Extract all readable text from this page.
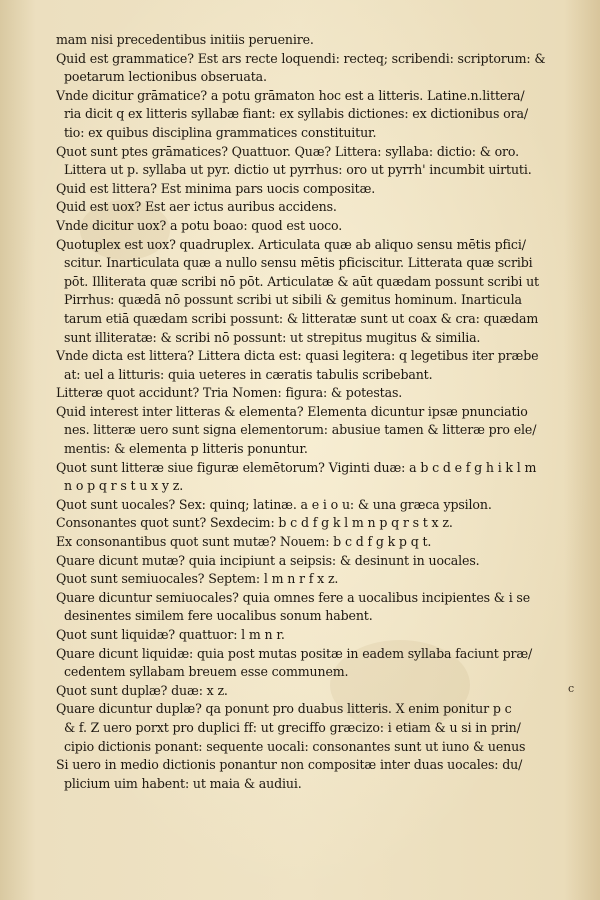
mam nisi precedentibus initiis peruenire.
Quid est grammatice? Est ars recte loquendi: recteq; scribendi: scriptorum: &
poetarum lectionibus obseruata.
Vnde dicitur grāmatice? a potu grāmaton hoc est a litteris. Latine.n.littera/
ria dicit q ex litteris syllabæ fiant: ex syllabis dictiones: ex dictionibus ora/
tio: ex quibus disciplina grammatices constituitur.
Quot sunt ptes grāmatices? Quattuor. Quæ? Littera: syllaba: dictio: & oro.
Littera ut p. syllaba ut pyr. dictio ut pyrrhus: oro ut pyrrh' incumbit uirtuti.
Quid est littera? Est minima pars uocis compositæ.
Quid est uox? Est aer ictus auribus accidens.
Vnde dicitur uox? a potu boao: quod est uoco.
Quotuplex est uox? quadruplex. Articulata quæ ab aliquo sensu mētis pfici/
scitur. Inarticulata quæ a nullo sensu mētis pficiscitur. Litterata quæ scribi
pōt. Illiterata quæ scribi nō pōt. Articulatæ & aūt quædam possunt scribi ut
Pirrhus: quædā nō possunt scribi ut sibili & gemitus hominum. Inarticula
tarum etiā quædam scribi possunt: & litteratæ sunt ut coax & cra: quædam
sunt illiteratæ: & scribi nō possunt: ut strepitus mugitus & similia.
Vnde dicta est littera? Littera dicta est: quasi legitera: q legetibus iter præbe
at: uel a litturis: quia ueteres in cæratis tabulis scribebant.
Litteræ quot accidunt? Tria Nomen: figura: & potestas.
Quid interest inter litteras & elementa? Elementa dicuntur ipsæ pnunciatio
nes. litteræ uero sunt signa elementorum: abusiue tamen & litteræ pro ele/
mentis: & elementa p litteris ponuntur.
Quot sunt litteræ siue figuræ elemētorum? Viginti duæ: a b c d e f g h i k l m
n o p q r s t u x y z.
Quot sunt uocales? Sex: quinq; latinæ. a e i o u: & una græca ypsilon.
Consonantes quot sunt? Sexdecim: b c d f g k l m n p q r s t x z.
Ex consonantibus quot sunt mutæ? Nouem: b c d f g k p q t.
Quare dicunt mutæ? quia incipiunt a seipsis: & desinunt in uocales.
Quot sunt semiuocales? Septem: l m n r f x z.
Quare dicuntur semiuocales? quia omnes fere a uocalibus incipientes & i se
desinentes similem fere uocalibus sonum habent.
Quot sunt liquidæ? quattuor: l m n r.
Quare dicunt liquidæ: quia post mutas positæ in eadem syllaba faciunt præ/
cedentem syllabam breuem esse communem.
Quot sunt duplæ? duæ: x z.
Quare dicuntur duplæ? qa ponunt pro duabus litteris. X enim ponitur p c
& f. Z uero porxt pro duplici ff: ut greciffo græcizo: i etiam & u si in prin/
cipio dictionis ponant: sequente uocali: consonantes sunt ut iuno & uenus
Si uero in medio dictionis ponantur non compositæ inter duas uocales: du/
plicium uim habent: ut maia & audiui.
c
